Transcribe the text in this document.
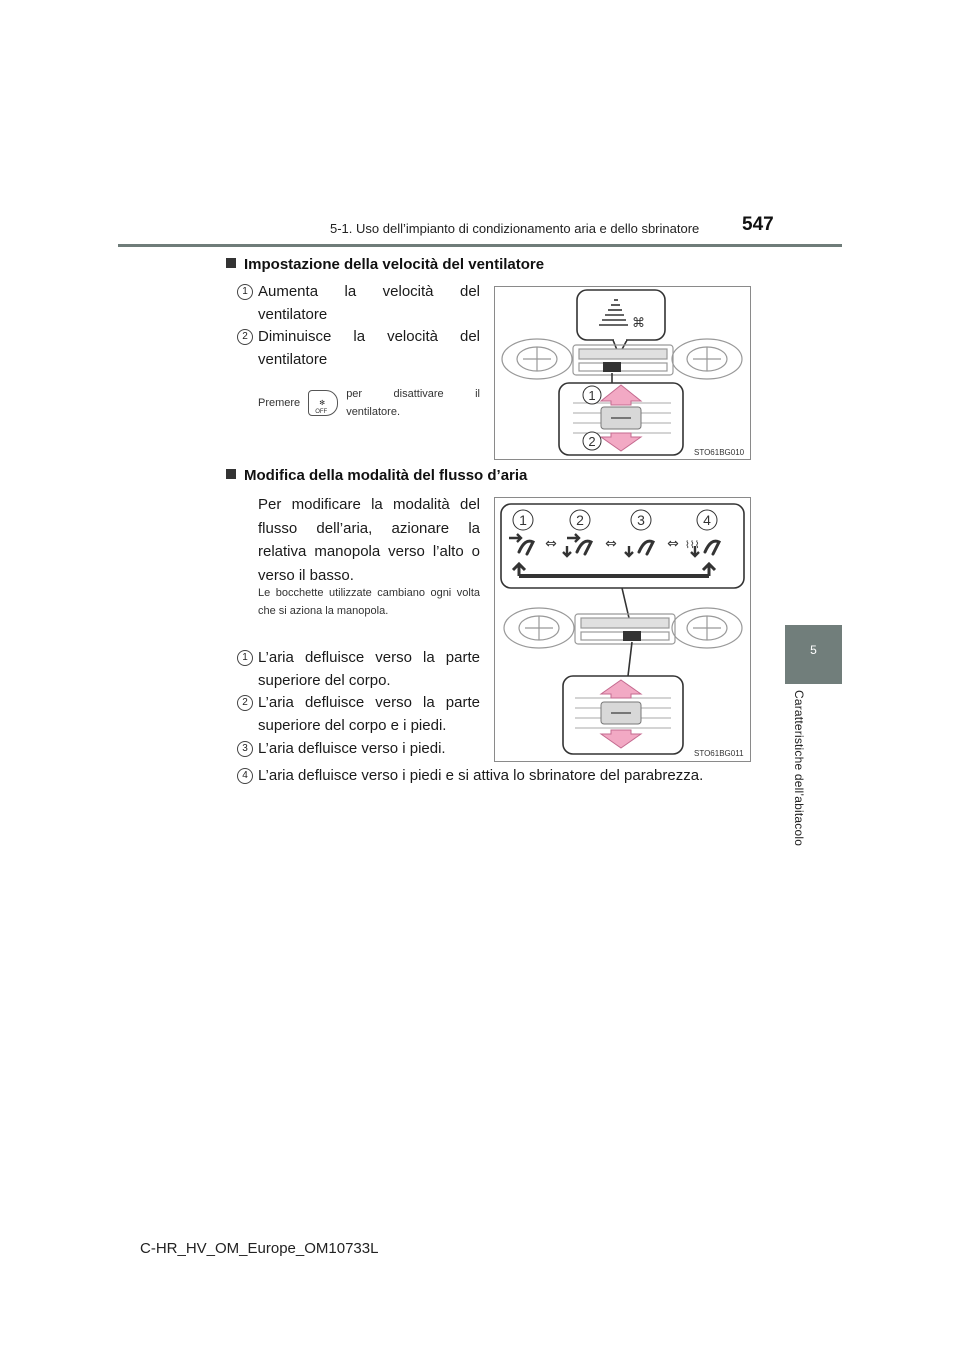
5-1. Uso dell’impianto di condizionamento aria e dello sbrinatore 547
5
Caratteristiche dell’abitacolo
Impostazione della velocità del ventilatore
1 Aumenta la velocità del ventilatore
2 Diminuisce la velocità del ventilatore
Premere	✻
OFF
per disattivare il ventilatore.
⌘
1
2
STO61BG010
Modifica della modalità del flusso d’aria
Per modificare la modalità del flusso dell’aria, azionare la relativa manopola verso l’alto o verso il basso.
Le bocchette utilizzate cambiano ogni volta che si aziona la manopola.
1 L’aria defluisce verso la parte superiore del corpo.
2 L’aria defluisce verso la parte superiore del corpo e i piedi.
3 L’aria defluisce verso i piedi.
4 L’aria defluisce verso i piedi e si attiva lo sbrinatore del parabrezza.
1	2	3	4
⌇⌇⌇
⇔	⇔	⇔
STO61BG011
C-HR_HV_OM_Europe_OM10733L
